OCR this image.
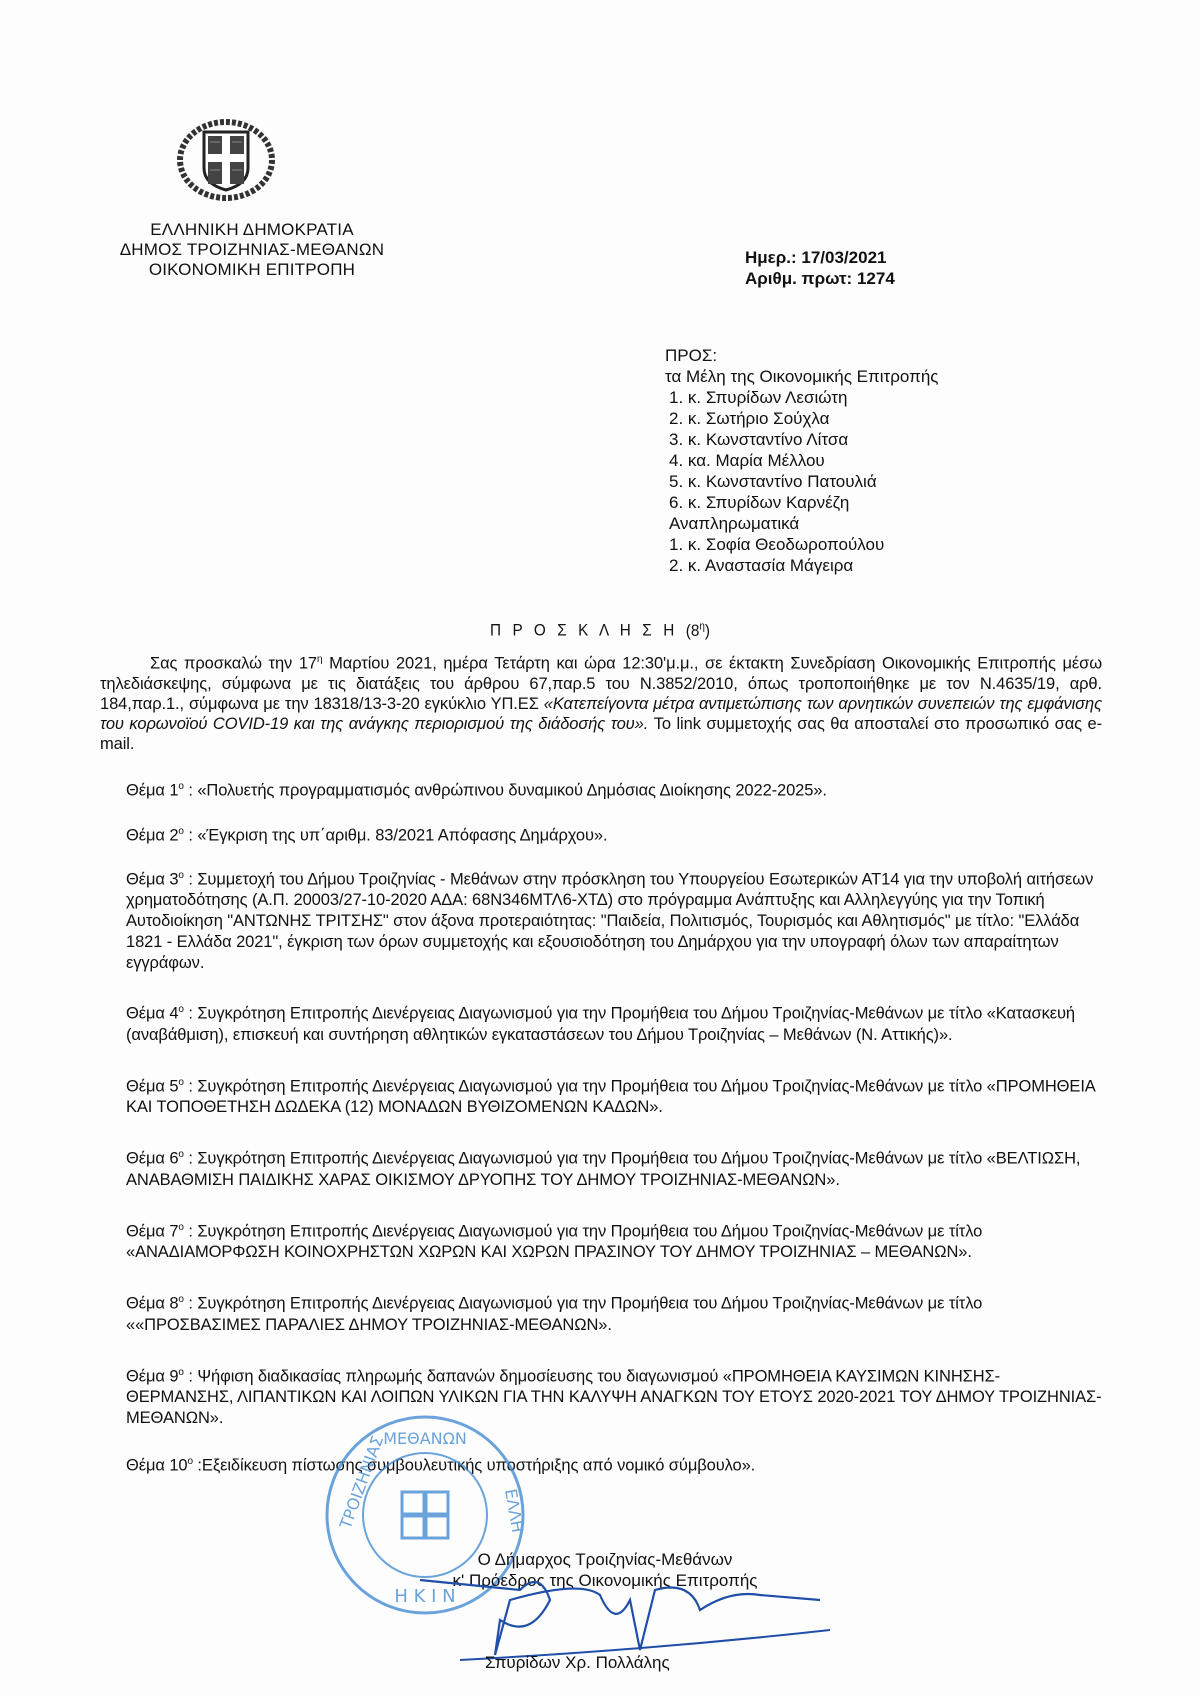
ΕΛΛΗΝΙΚΗ ΔΗΜΟΚΡΑΤΙΑ
ΔΗΜΟΣ ΤΡΟΙΖΗΝΙΑΣ-ΜΕΘΑΝΩΝ
ΟΙΚΟΝΟΜΙΚΗ ΕΠΙΤΡΟΠΗ
Ημερ.: 17/03/2021
Αριθμ. πρωτ: 1274
ΠΡΟΣ:
τα Μέλη της Οικονομικής Επιτροπής
1. κ. Σπυρίδων Λεσιώτη
2. κ. Σωτήριο Σούχλα
3. κ. Κωνσταντίνο Λίτσα
4. κα. Μαρία Μέλλου
5. κ. Κωνσταντίνο Πατουλιά
6. κ. Σπυρίδων Καρνέζη
Αναπληρωματικά
1. κ. Σοφία Θεοδωροπούλου
2. κ. Αναστασία Μάγειρα
Π Ρ Ο Σ Κ Λ Η Σ Η $(8^\eta)$

Σας προσκαλώ την $17^\eta$ Μαρτίου 2021, ημέρα Τετάρτη και ώρα 12:30'μ.μ., σε έκτακτη Συνεδρίαση Οικονομικής Επιτροπής μέσω τηλεδιάσκεψης, σύμφωνα με τις διατάξεις του άρθρου 67,παρ.5 του Ν.3852/2010, όπως τροποποιήθηκε με τον Ν.4635/19, αρθ. 184,παρ.1., σύμφωνα με την 18318/13-3-20 εγκύκλιο ΥΠ.ΕΣ «Κατεπείγοντα μέτρα αντιμετώπισης των αρνητικών συνεπειών της εμφάνισης του κορωνοϊού COVID-19 και της ανάγκης περιορισμού της διάδοσής του». To link συμμετοχής σας θα αποσταλεί στο προσωπικό σας e-mail.

Θέμα $1^o$ : «Πολυετής προγραμματισμός ανθρώπινου δυναμικού Δημόσιας Διοίκησης 2022-2025».

Θέμα $2^o$ : «Έγκριση της υπ΄αριθμ. 83/2021 Απόφασης Δημάρχου».

Θέμα $3^o$ : Συμμετοχή του Δήμου Τροιζηνίας - Μεθάνων στην πρόσκληση του Υπουργείου Εσωτερικών ΑΤ14 για την υποβολή αιτήσεων χρηματοδότησης (Α.Π. 20003/27-10-2020 ΑΔΑ: 68Ν346ΜΤΛ6-ΧΤΔ) στο πρόγραμμα Ανάπτυξης και Αλληλεγγύης για την Τοπική Αυτοδιοίκηση "ΑΝΤΩΝΗΣ ΤΡΙΤΣΗΣ" στον άξονα προτεραιότητας: "Παιδεία, Πολιτισμός, Τουρισμός και Αθλητισμός" με τίτλο: "Ελλάδα 1821 - Ελλάδα 2021", έγκριση των όρων συμμετοχής και εξουσιοδότηση του Δημάρχου για την υπογραφή όλων των απαραίτητων εγγράφων.

Θέμα $4^o$ : Συγκρότηση Επιτροπής Διενέργειας Διαγωνισμού για την Προμήθεια του Δήμου Τροιζηνίας-Μεθάνων με τίτλο «Κατασκευή (αναβάθμιση), επισκευή και συντήρηση αθλητικών εγκαταστάσεων του Δήμου Τροιζηνίας – Μεθάνων (Ν. Αττικής)».

Θέμα $5^o$ : Συγκρότηση Επιτροπής Διενέργειας Διαγωνισμού για την Προμήθεια του Δήμου Τροιζηνίας-Μεθάνων με τίτλο «ΠΡΟΜΗΘΕΙΑ ΚΑΙ ΤΟΠΟΘΕΤΗΣΗ ΔΩΔΕΚΑ (12) ΜΟΝΑΔΩΝ ΒΥΘΙΖΟΜΕΝΩΝ ΚΑΔΩΝ».

Θέμα $6^o$ : Συγκρότηση Επιτροπής Διενέργειας Διαγωνισμού για την Προμήθεια του Δήμου Τροιζηνίας-Μεθάνων με τίτλο «ΒΕΛΤΙΩΣΗ, ΑΝΑΒΑΘΜΙΣΗ ΠΑΙΔΙΚΗΣ ΧΑΡΑΣ ΟΙΚΙΣΜΟΥ ΔΡΥΟΠΗΣ ΤΟΥ ΔΗΜΟΥ ΤΡΟΙΖΗΝΙΑΣ-ΜΕΘΑΝΩΝ».

Θέμα $7^o$ : Συγκρότηση Επιτροπής Διενέργειας Διαγωνισμού για την Προμήθεια του Δήμου Τροιζηνίας-Μεθάνων με τίτλο «ΑΝΑΔΙΑΜΟΡΦΩΣΗ ΚΟΙΝΟΧΡΗΣΤΩΝ ΧΩΡΩΝ ΚΑΙ ΧΩΡΩΝ ΠΡΑΣΙΝΟΥ ΤΟΥ ΔΗΜΟΥ ΤΡΟΙΖΗΝΙΑΣ – ΜΕΘΑΝΩΝ».

Θέμα $8^o$ : Συγκρότηση Επιτροπής Διενέργειας Διαγωνισμού για την Προμήθεια του Δήμου Τροιζηνίας-Μεθάνων με τίτλο ««ΠΡΟΣΒΑΣΙΜΕΣ ΠΑΡΑΛΙΕΣ ΔΗΜΟΥ ΤΡΟΙΖΗΝΙΑΣ-ΜΕΘΑΝΩΝ».

Θέμα $9^o$ : Ψήφιση διαδικασίας πληρωμής δαπανών δημοσίευσης του διαγωνισμού «ΠΡΟΜΗΘΕΙΑ ΚΑΥΣΙΜΩΝ ΚΙΝΗΣΗΣ-ΘΕΡΜΑΝΣΗΣ, ΛΙΠΑΝΤΙΚΩΝ ΚΑΙ ΛΟΙΠΩΝ ΥΛΙΚΩΝ ΓΙΑ ΤΗΝ ΚΑΛΥΨΗ ΑΝΑΓΚΩΝ ΤΟΥ ΕΤΟΥΣ 2020-2021 ΤΟΥ ΔΗΜΟΥ ΤΡΟΙΖΗΝΙΑΣ-ΜΕΘΑΝΩΝ».

Θέμα $10^o$ :Εξειδίκευση πίστωσης συμβουλευτικής υποστήριξης από νομικό σύμβουλο».

ΜΕΘΑΝΩΝ
Η Κ Ι Ν
ΤΡΟΙΖΗΝΙΑΣ	ΕΛΛΗ
Ο Δήμαρχος Τροιζηνίας-Μεθάνων
κ' Πρόεδρος της Οικονομικής Επιτροπής
Σπυρίδων Χρ. Πολλάλης
